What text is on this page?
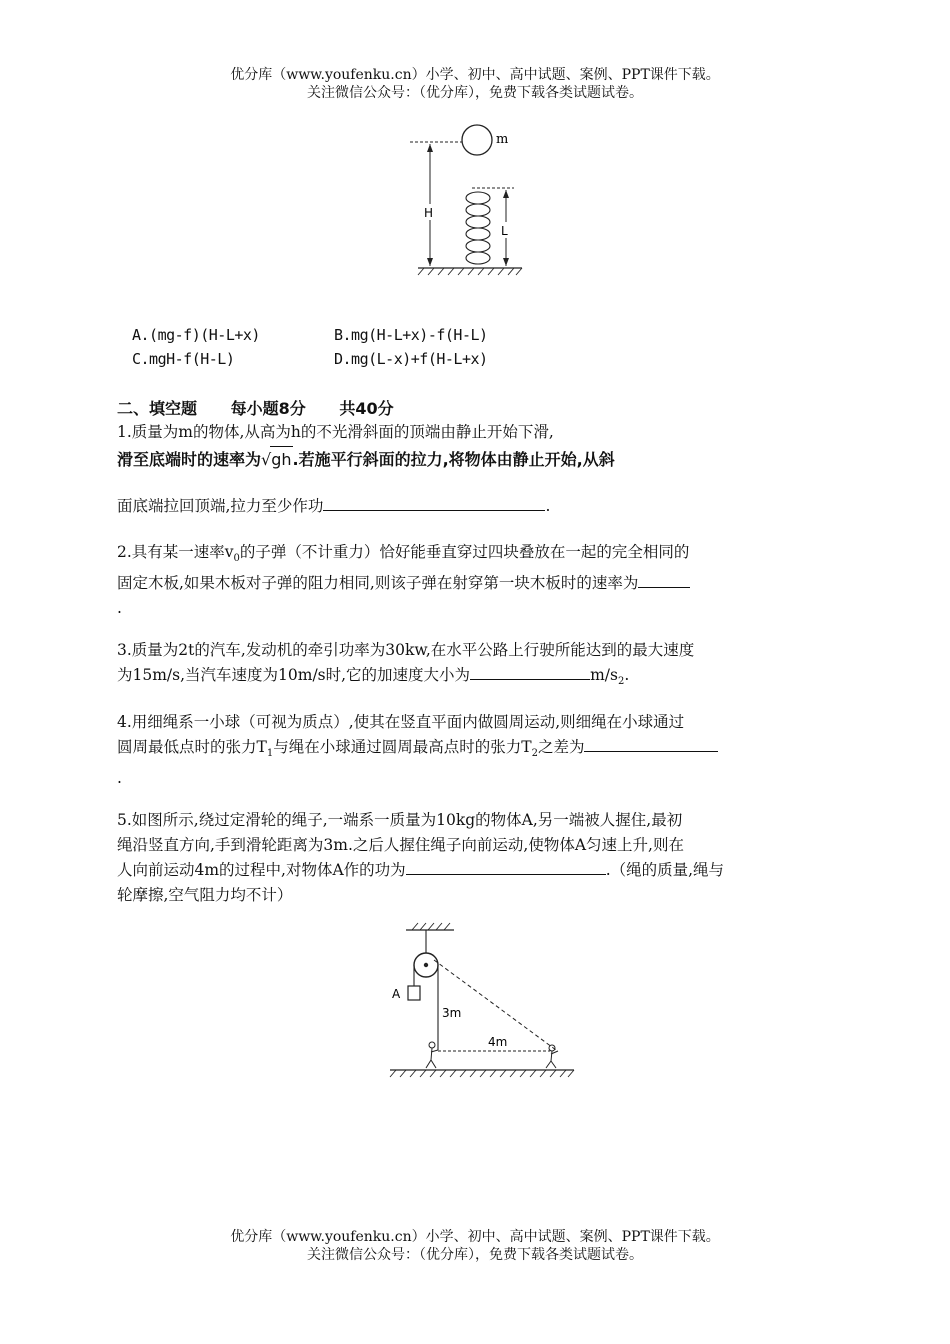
优分库（www.youfenku.cn）小学、初中、高中试题、案例、PPT课件下载。
关注微信公众号：（优分库），免费下载各类试题试卷。
m
H
L
A.(mg-f)(H-L+x)	B.mg(H-L+x)-f(H-L)
C.mgH-f(H-L)	D.mg(L-x)+f(H-L+x)
二、填空题 每小题8分 共40分
1.质量为m的物体,从高为h的不光滑斜面的顶端由静止开始下滑,
滑至底端时的速率为√gh.若施平行斜面的拉力,将物体由静止开始,从斜
面底端拉回顶端,拉力至少作功	.
2.具有某一速率$v_0$的子弹（不计重力）恰好能垂直穿过四块叠放在一起的完全相同的
固定木板,如果木板对子弹的阻力相同,则该子弹在射穿第一块木板时的速率为
.
3.质量为2t的汽车,发动机的牵引功率为30kw,在水平公路上行驶所能达到的最大速度
为15m/s,当汽车速度为10m/s时,它的加速度大小为	$m/s_2$.
4.用细绳系一小球（可视为质点）,使其在竖直平面内做圆周运动,则细绳在小球通过
圆周最低点时的张力$T_1$与绳在小球通过圆周最高点时的张力$T_2$之差为
.
5.如图所示,绕过定滑轮的绳子,一端系一质量为10kg的物体A,另一端被人握住,最初
绳沿竖直方向,手到滑轮距离为3m.之后人握住绳子向前运动,使物体A匀速上升,则在
人向前运动4m的过程中,对物体A作的功为	.（绳的质量,绳与
轮摩擦,空气阻力均不计）
A
3m
4m
优分库（www.youfenku.cn）小学、初中、高中试题、案例、PPT课件下载。
关注微信公众号：（优分库），免费下载各类试题试卷。
